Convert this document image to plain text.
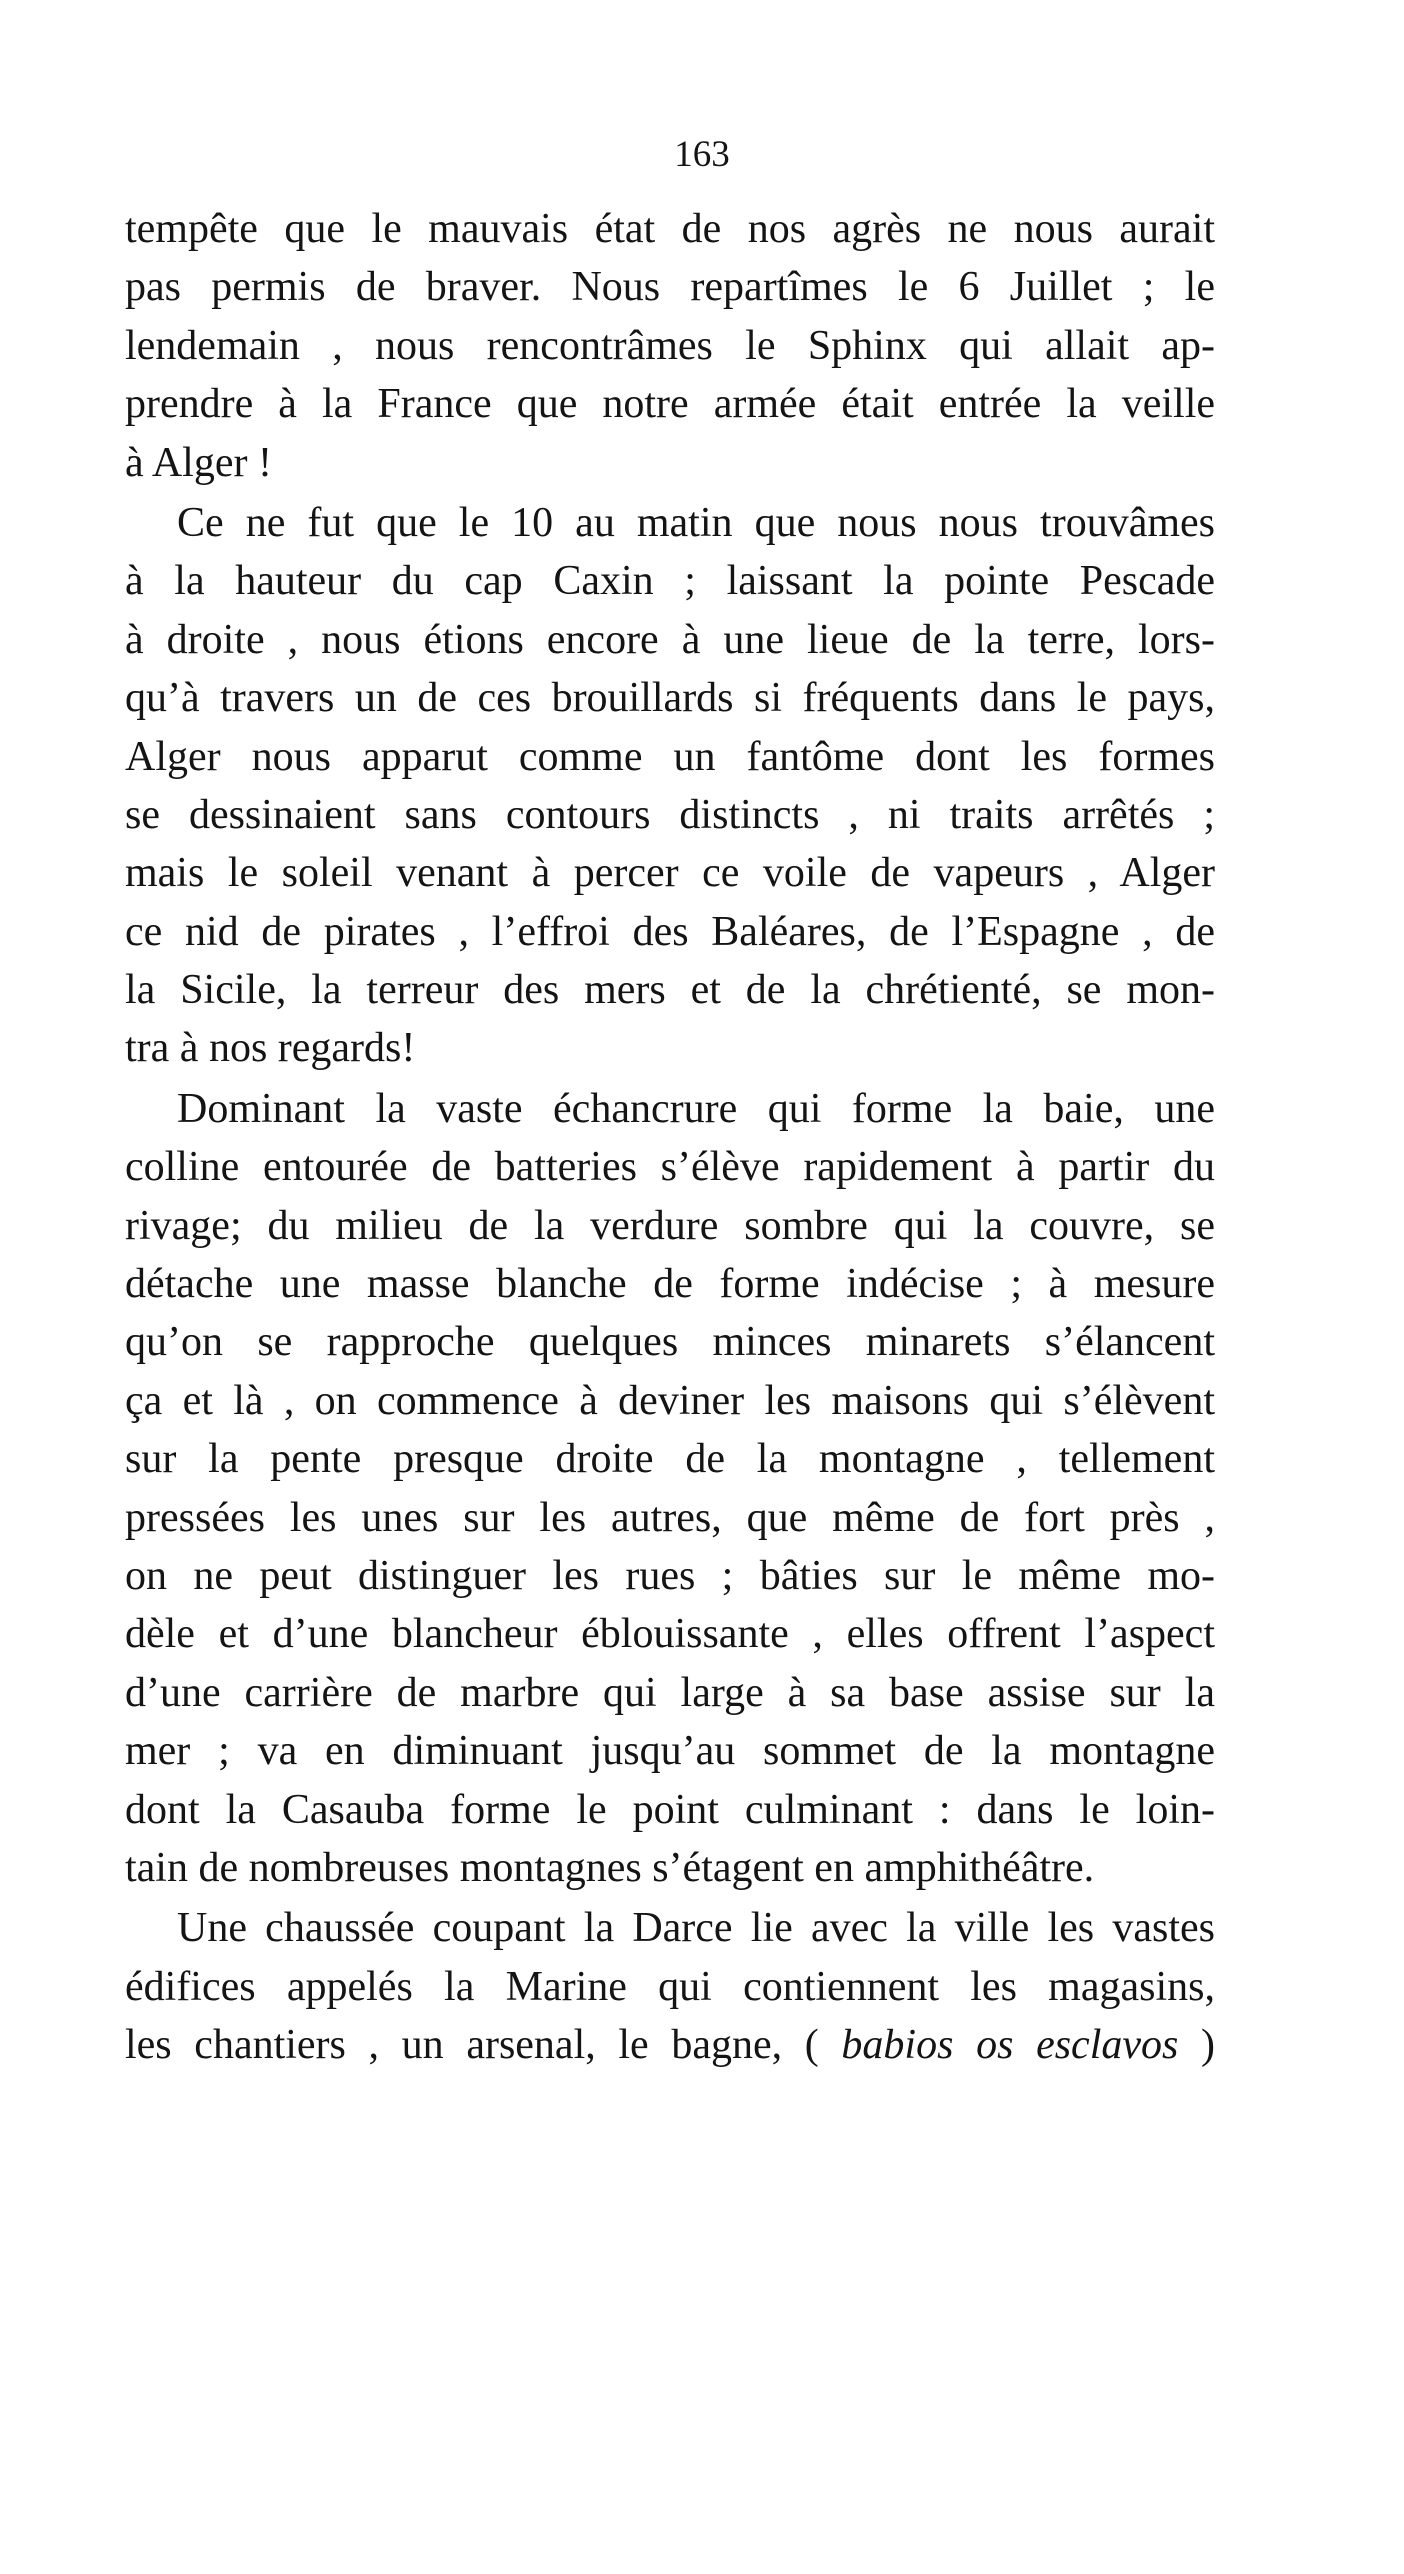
163
tempête que le mauvais état de nos agrès ne nous aurait
pas permis de braver. Nous repartîmes le 6 Juillet ; le
lendemain , nous rencontrâmes le Sphinx qui allait ap-
prendre à la France que notre armée était entrée la veille
à Alger !
Ce ne fut que le 10 au matin que nous nous trouvâmes
à la hauteur du cap Caxin ; laissant la pointe Pescade
à droite , nous étions encore à une lieue de la terre, lors-
qu’à travers un de ces brouillards si fréquents dans le pays,
Alger nous apparut comme un fantôme dont les formes
se dessinaient sans contours distincts , ni traits arrêtés ;
mais le soleil venant à percer ce voile de vapeurs , Alger
ce nid de pirates , l’effroi des Baléares, de l’Espagne , de
la Sicile, la terreur des mers et de la chrétienté, se mon-
tra à nos regards!
Dominant la vaste échancrure qui forme la baie, une
colline entourée de batteries s’élève rapidement à partir du
rivage; du milieu de la verdure sombre qui la couvre, se
détache une masse blanche de forme indécise ; à mesure
qu’on se rapproche quelques minces minarets s’élancent
ça et là , on commence à deviner les maisons qui s’élèvent
sur la pente presque droite de la montagne , tellement
pressées les unes sur les autres, que même de fort près ,
on ne peut distinguer les rues ; bâties sur le même mo-
dèle et d’une blancheur éblouissante , elles offrent l’aspect
d’une carrière de marbre qui large à sa base assise sur la
mer ; va en diminuant jusqu’au sommet de la montagne
dont la Casauba forme le point culminant : dans le loin-
tain de nombreuses montagnes s’étagent en amphithéâtre.
Une chaussée coupant la Darce lie avec la ville les vastes
édifices appelés la Marine qui contiennent les magasins,
les chantiers , un arsenal, le bagne, ( babios os esclavos )
